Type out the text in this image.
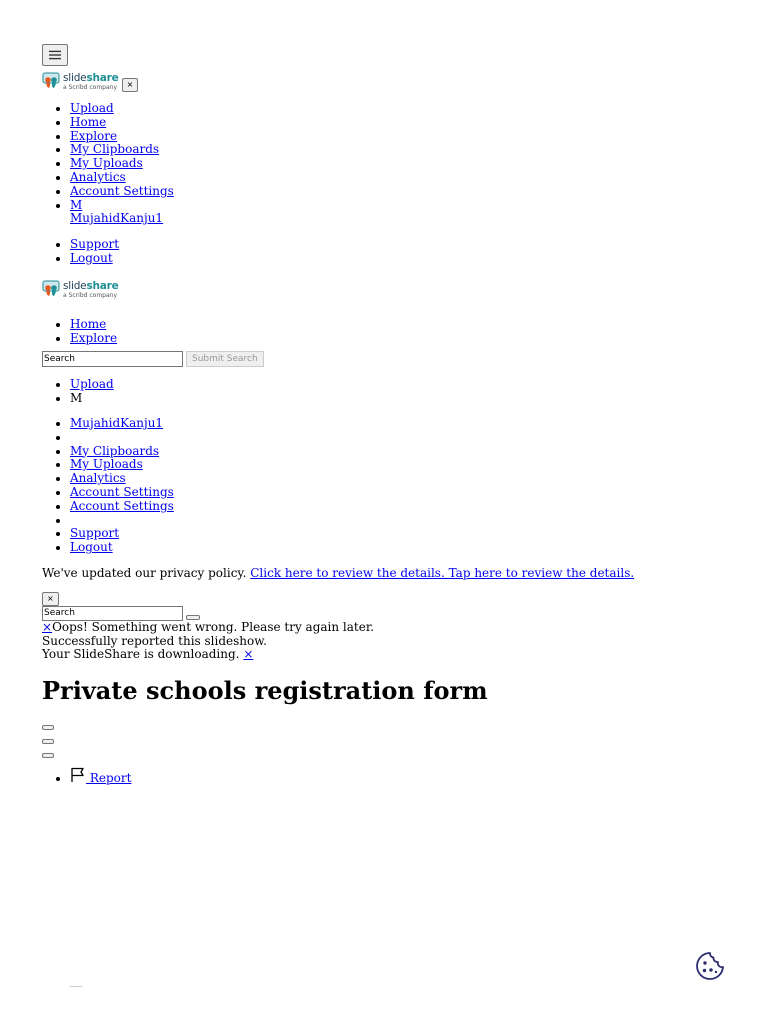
slideshare
a Scribd company	×
• Upload
• Home
• Explore
• My Clipboards
• My Uploads
• Analytics
• Account Settings
• M
MujahidKanju1
• Support
• Logout
slideshare
a Scribd company
• Home
• Explore
Search
Submit Search
• Upload
• M
• MujahidKanju1
•
• My Clipboards
• My Uploads
• Analytics
• Account Settings
• Account Settings
•
• Support
• Logout
We've updated our privacy policy. Click here to review the details. Tap here to review the details.
×
Search
×Oops! Something went wrong. Please try again later.
Successfully reported this slideshow.
Your SlideShare is downloading. ×
Private schools registration form
•  Report
